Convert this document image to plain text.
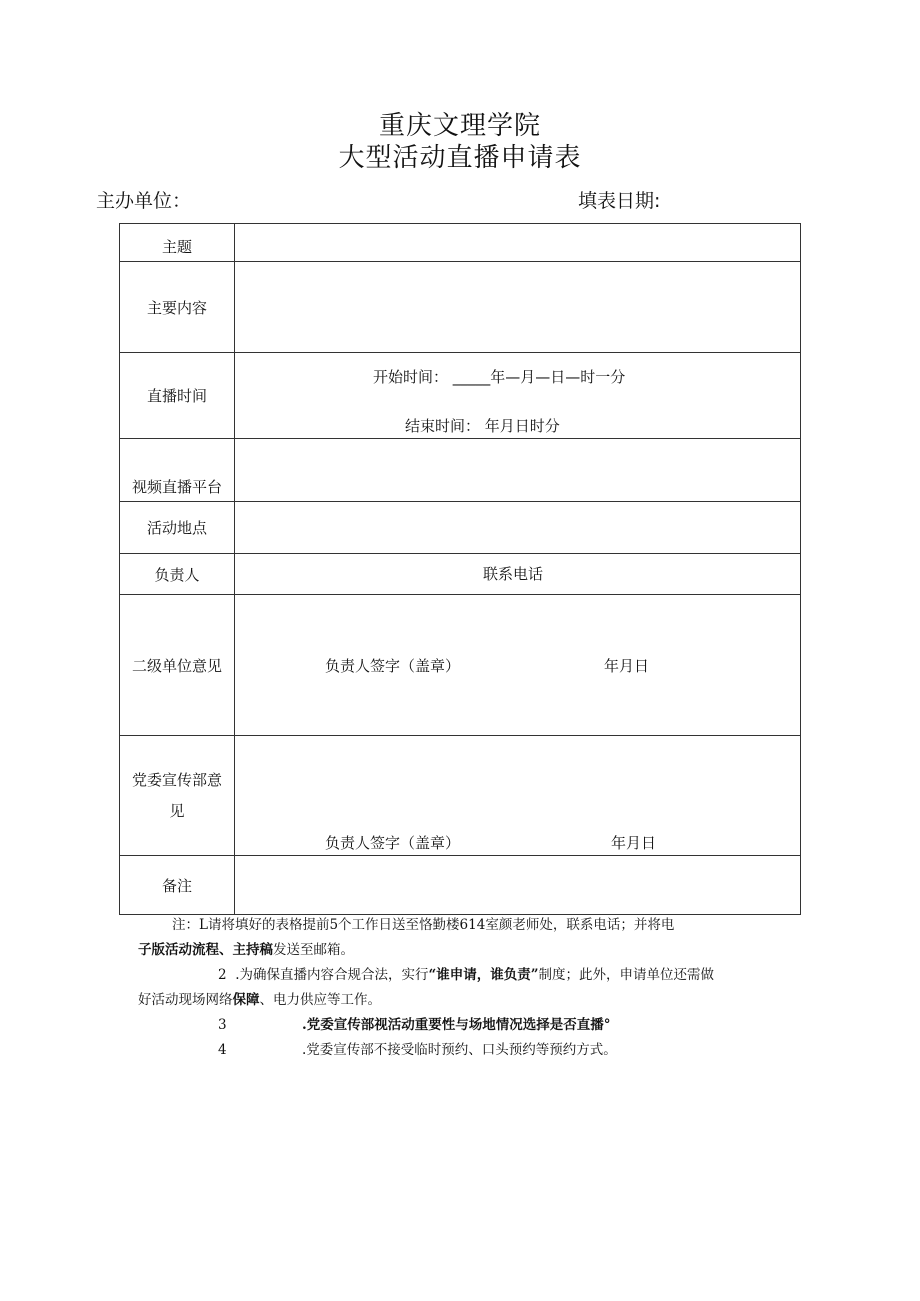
重庆文理学院
大型活动直播申请表
主办单位：	填表日期:
主题	
主要内容	
直播时间	开始时间： _____年—月—日—时一分
结束时间： 年月日时分

视频直播平台	
活动地点	
负责人	联系电话

二级单位意见	负责人签字（盖章） 年月日

党委宣传部意见	负责人签字（盖章） 年月日

备注	
注：L请将填好的表格提前5个工作日送至恪勤楼614室颜老师处，联系电话；并将电
子版活动流程、主持稿发送至邮箱。
2 .为确保直播内容合规合法，实行“谁申请，谁负责”制度；此外，申请单位还需做
好活动现场网络保障、电力供应等工作。
3	.党委宣传部视活动重要性与场地情况选择是否直播°
4	.党委宣传部不接受临时预约、口头预约等预约方式。
